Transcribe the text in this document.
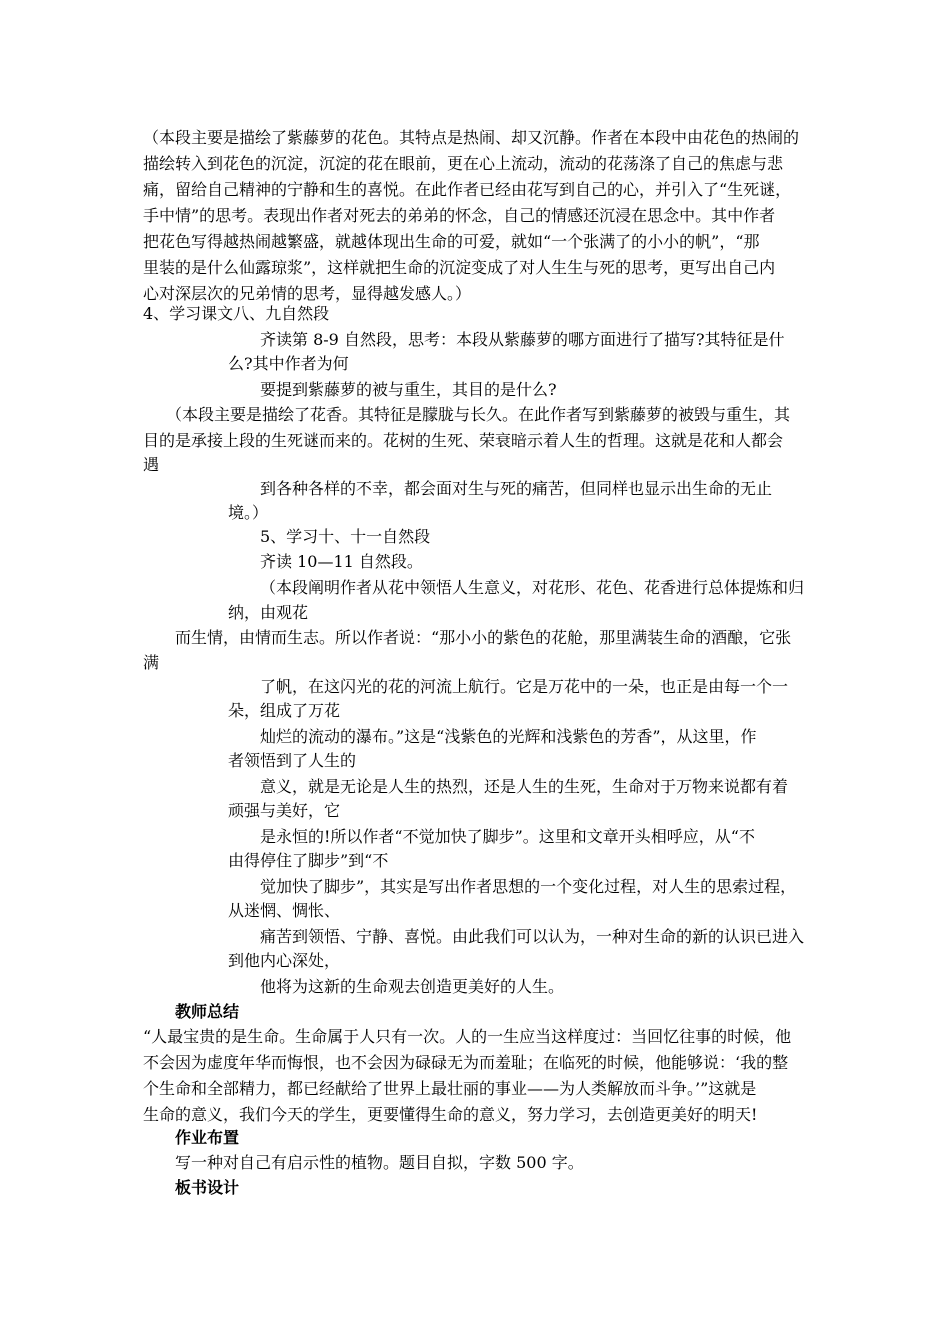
（本段主要是描绘了紫藤萝的花色。其特点是热闹、却又沉静。作者在本段中由花色的热闹的
描绘转入到花色的沉淀，沉淀的花在眼前，更在心上流动，流动的花荡涤了自己的焦虑与悲
痛，留给自己精神的宁静和生的喜悦。在此作者已经由花写到自己的心，并引入了“生死谜，
手中情”的思考。表现出作者对死去的弟弟的怀念，自己的情感还沉浸在思念中。其中作者
把花色写得越热闹越繁盛，就越体现出生命的可爱，就如“一个张满了的小小的帆”，“那
里装的是什么仙露琼浆”，这样就把生命的沉淀变成了对人生生与死的思考，更写出自己内
心对深层次的兄弟情的思考，显得越发感人。）
4、学习课文八、九自然段
齐读第 8-9 自然段，思考：本段从紫藤萝的哪方面进行了描写?其特征是什
么?其中作者为何
要提到紫藤萝的被与重生，其目的是什么?
（本段主要是描绘了花香。其特征是朦胧与长久。在此作者写到紫藤萝的被毁与重生，其
目的是承接上段的生死谜而来的。花树的生死、荣衰暗示着人生的哲理。这就是花和人都会
遇
到各种各样的不幸，都会面对生与死的痛苦，但同样也显示出生命的无止
境。）
5、学习十、十一自然段
齐读 10—11 自然段。
（本段阐明作者从花中领悟人生意义，对花形、花色、花香进行总体提炼和归
纳，由观花
而生情，由情而生志。所以作者说：“那小小的紫色的花舱，那里满装生命的酒酿，它张
满
了帆，在这闪光的花的河流上航行。它是万花中的一朵，也正是由每一个一
朵，组成了万花
灿烂的流动的瀑布。”这是“浅紫色的光辉和浅紫色的芳香”，从这里，作
者领悟到了人生的
意义，就是无论是人生的热烈，还是人生的生死，生命对于万物来说都有着
顽强与美好，它
是永恒的!所以作者“不觉加快了脚步”。这里和文章开头相呼应，从“不
由得停住了脚步”到“不
觉加快了脚步”，其实是写出作者思想的一个变化过程，对人生的思索过程，
从迷惘、惆怅、
痛苦到领悟、宁静、喜悦。由此我们可以认为，一种对生命的新的认识已进入
到他内心深处，
他将为这新的生命观去创造更美好的人生。
教师总结
“人最宝贵的是生命。生命属于人只有一次。人的一生应当这样度过：当回忆往事的时候，他
不会因为虚度年华而悔恨，也不会因为碌碌无为而羞耻；在临死的时候，他能够说：‘我的整
个生命和全部精力，都已经献给了世界上最壮丽的事业——为人类解放而斗争。’”这就是
生命的意义，我们今天的学生，更要懂得生命的意义，努力学习，去创造更美好的明天!
作业布置
写一种对自己有启示性的植物。题目自拟，字数 500 字。
板书设计
